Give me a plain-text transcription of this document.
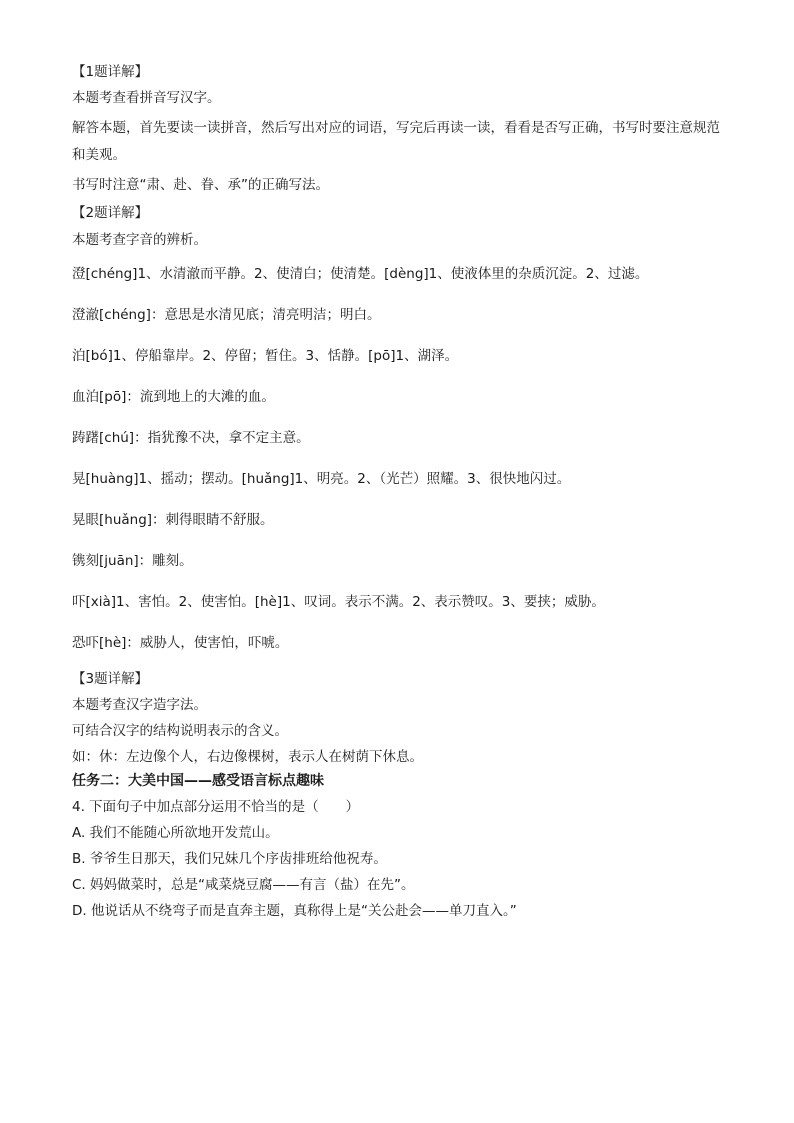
【1题详解】

本题考查看拼音写汉字。

解答本题，首先要读一读拼音，然后写出对应的词语，写完后再读一读，看看是否写正确，书写时要注意规范和美观。

书写时注意“肃、赴、眷、承”的正确写法。

【2题详解】

本题考查字音的辨析。

澄[chéng]1、水清澈而平静。2、使清白；使清楚。[dèng]1、使液体里的杂质沉淀。2、过滤。

澄澈[chéng]：意思是水清见底；清亮明洁；明白。

泊[bó]1、停船靠岸。2、停留；暂住。3、恬静。[pō]1、湖泽。

血泊[pō]：流到地上的大滩的血。

踌躇[chú]：指犹豫不决，拿不定主意。

晃[huàng]1、摇动；摆动。[huǎng]1、明亮。2、（光芒）照耀。3、很快地闪过。

晃眼[huǎng]：刺得眼睛不舒服。

镌刻[juān]：雕刻。

吓[xià]1、害怕。2、使害怕。[hè]1、叹词。表示不满。2、表示赞叹。3、要挟；威胁。

恐吓[hè]：威胁人，使害怕，吓唬。

【3题详解】

本题考查汉字造字法。

可结合汉字的结构说明表示的含义。

如：休：左边像个人，右边像棵树，表示人在树荫下休息。

任务二：大美中国——感受语言标点趣味

4. 下面句子中加点部分运用不恰当的是（　　）

A. 我们不能随心所欲地开发荒山。

B. 爷爷生日那天，我们兄妹几个序齿排班给他祝寿。

C. 妈妈做菜时，总是“咸菜烧豆腐——有言（盐）在先”。

D. 他说话从不绕弯子而是直奔主题，真称得上是“关公赴会——单刀直入。”
